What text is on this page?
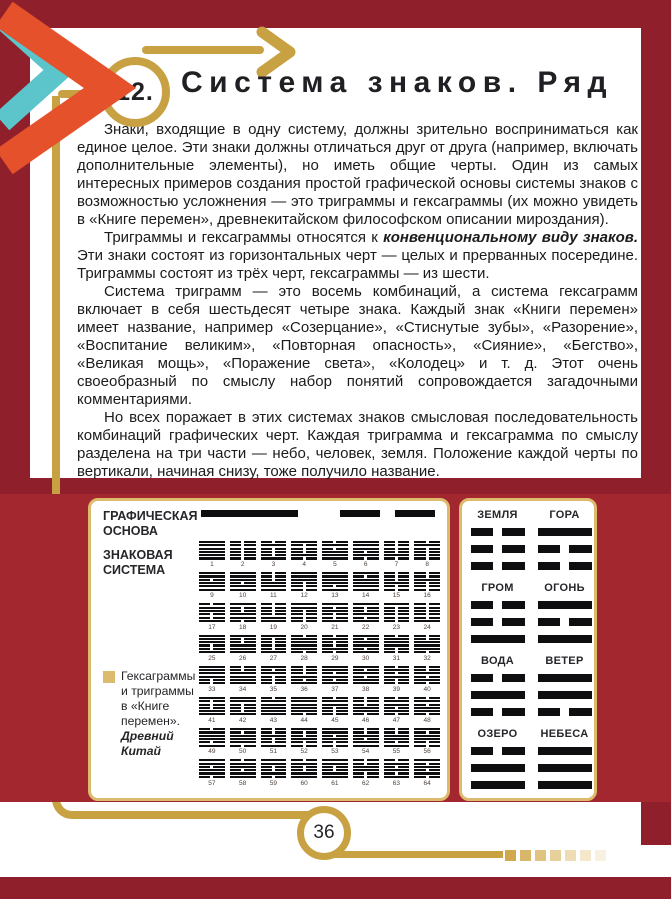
12. Система знаков. Ряд

Знаки, входящие в одну систему, должны зрительно восприниматься как единое целое. Эти знаки должны отличаться друг от друга (например, включать дополнительные элементы), но иметь общие черты. Один из самых интересных примеров создания простой графической основы системы знаков с возможностью усложнения — это триграммы и гексаграммы (их можно увидеть в «Книге перемен», древнекитайском философском описании мироздания).

Триграммы и гексаграммы относятся к конвенциональному виду знаков. Эти знаки состоят из горизонтальных черт — целых и прерванных посередине. Триграммы состоят из трёх черт, гексаграммы — из шести.

Система триграмм — это восемь комбинаций, а система гексаграмм включает в себя шестьдесят четыре знака. Каждый знак «Книги перемен» имеет название, например «Созерцание», «Стиснутые зубы», «Разорение», «Воспитание великим», «Повторная опасность», «Сияние», «Бегство», «Великая мощь», «Поражение света», «Колодец» и т. д. Этот очень своеобразный по смыслу набор понятий сопровождается загадочными комментариями.

Но всех поражает в этих системах знаков смысловая последовательность комбинаций графических черт. Каждая триграмма и гексаграмма по смыслу разделена на три части — небо, человек, земля. Положение каждой черты по вертикали, начиная снизу, тоже получило название.

ГРАФИЧЕСКАЯ ОСНОВА
ЗНАКОВАЯ СИСТЕМА	1	2	3	4	5	6	7	8
9	10	11	12	13	14	15	16
17	18	19	20	21	22	23	24
25	26	27	28	29	30	31	32
33	34	35	36	37	38	39	40
41	42	43	44	45	46	47	48
49	50	51	52	53	54	55	56
57	58	59	60	61	62	63	64
Гексаграммы и триграммы в «Книге перемен». Древний Китай
ЗЕМЛЯ	ГОРА
ГРОМ	ОГОНЬ
ВОДА	ВЕТЕР
ОЗЕРО НЕБЕСА
36
